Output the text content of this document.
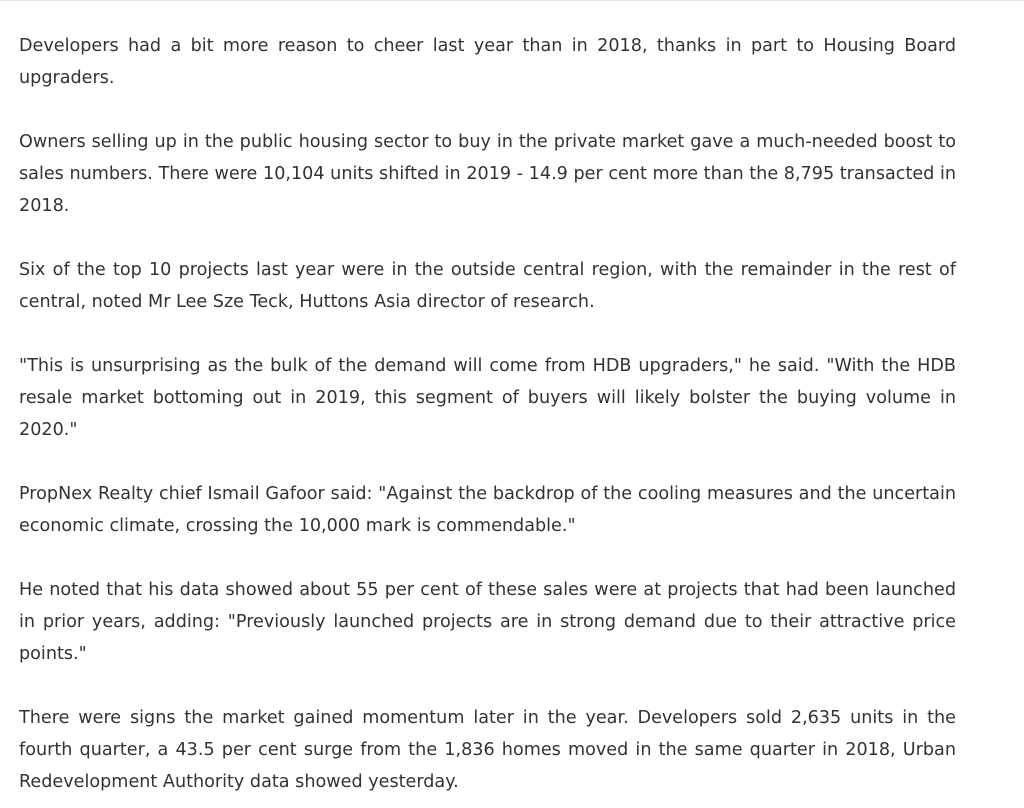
Developers had a bit more reason to cheer last year than in 2018, thanks in part to Housing Board upgraders.

Owners selling up in the public housing sector to buy in the private market gave a much-needed boost to sales numbers. There were 10,104 units shifted in 2019 - 14.9 per cent more than the 8,795 transacted in 2018.

Six of the top 10 projects last year were in the outside central region, with the remainder in the rest of central, noted Mr Lee Sze Teck, Huttons Asia director of research.

"This is unsurprising as the bulk of the demand will come from HDB upgraders," he said. "With the HDB resale market bottoming out in 2019, this segment of buyers will likely bolster the buying volume in 2020."

PropNex Realty chief Ismail Gafoor said: "Against the backdrop of the cooling measures and the uncertain economic climate, crossing the 10,000 mark is commendable."

He noted that his data showed about 55 per cent of these sales were at projects that had been launched in prior years, adding: "Previously launched projects are in strong demand due to their attractive price points."

There were signs the market gained momentum later in the year. Developers sold 2,635 units in the fourth quarter, a 43.5 per cent surge from the 1,836 homes moved in the same quarter in 2018, Urban Redevelopment Authority data showed yesterday.
